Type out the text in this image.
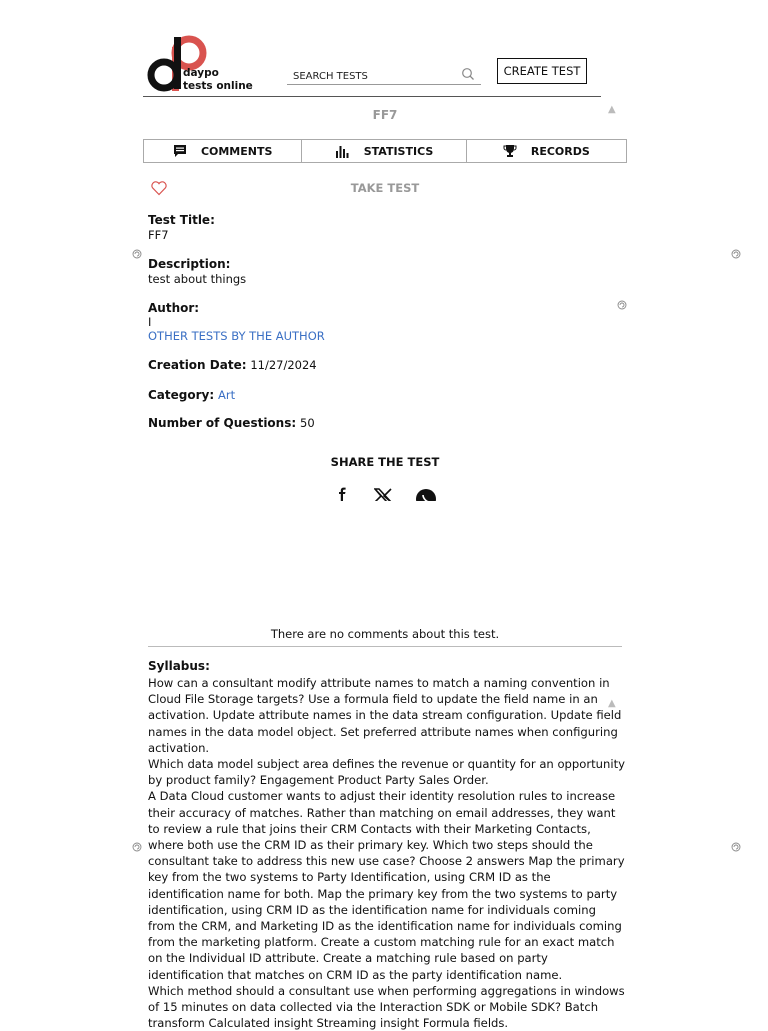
daypo
tests online
SEARCH TESTS
CREATE TEST
FF7	▲
COMMENTS	STATISTICS	RECORDS
TAKE TEST
Test Title:
FF7
Description:
test about things
Author:
I
OTHER TESTS BY THE AUTHOR
Creation Date: 11/27/2024
Category: Art
Number of Questions: 50
SHARE THE TEST
There are no comments about this test.
Syllabus:

How can a consultant modify attribute names to match a naming convention in Cloud File Storage targets? Use a formula field to update the field name in an activation. Update attribute names in the data stream configuration. Update field names in the data model object. Set preferred attribute names when configuring activation.

Which data model subject area defines the revenue or quantity for an opportunity by product family? Engagement Product Party Sales Order.

A Data Cloud customer wants to adjust their identity resolution rules to increase their accuracy of matches. Rather than matching on email addresses, they want to review a rule that joins their CRM Contacts with their Marketing Contacts, where both use the CRM ID as their primary key. Which two steps should the consultant take to address this new use case? Choose 2 answers Map the primary key from the two systems to Party Identification, using CRM ID as the identification name for both. Map the primary key from the two systems to party identification, using CRM ID as the identification name for individuals coming from the CRM, and Marketing ID as the identification name for individuals coming from the marketing platform. Create a custom matching rule for an exact match on the Individual ID attribute. Create a matching rule based on party identification that matches on CRM ID as the party identification name.

Which method should a consultant use when performing aggregations in windows of 15 minutes on data collected via the Interaction SDK or Mobile SDK? Batch transform Calculated insight Streaming insight Formula fields.

▲
